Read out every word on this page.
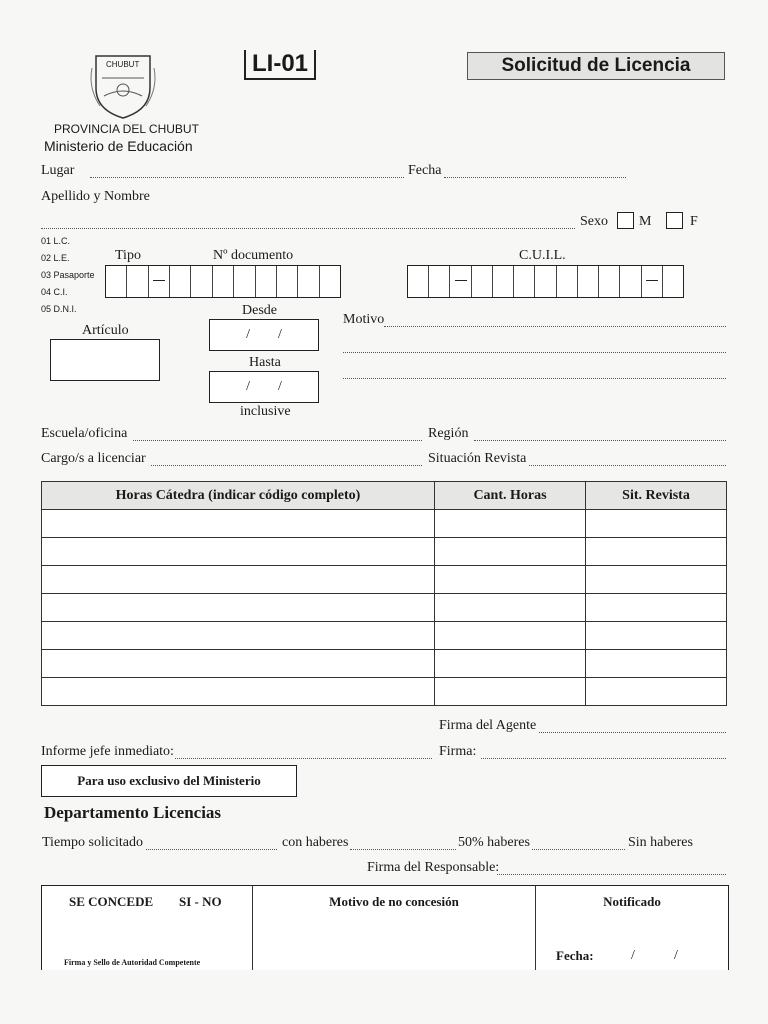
CHUBUT	LI-01	Solicitud de Licencia
PROVINCIA DEL CHUBUT
Ministerio de Educación
Lugar	Fecha
Apellido y Nombre
Sexo M	F
01 L.C.
02 L.E.
03 Pasaporte
04 C.I.
05 D.N.I.
Tipo	Nº documento	C.U.I.L.
Artículo
Desde
/ /
Hasta
/ /
inclusive
Motivo
Escuela/oficina	Región
Cargo/s a licenciar	Situación Revista
Horas Cátedra (indicar código completo)	Cant. Horas	Sit. Revista

Firma del Agente
Informe jefe inmediato:	Firma:
Para uso exclusivo del Ministerio
Departamento Licencias
Tiempo solicitado	con haberes	50% haberes	Sin haberes
Firma del Responsable:
SE CONCEDE SI - NO
Firma y Sello de Autoridad Competente
Motivo de no concesión	Notificado
Fecha:	/	/
